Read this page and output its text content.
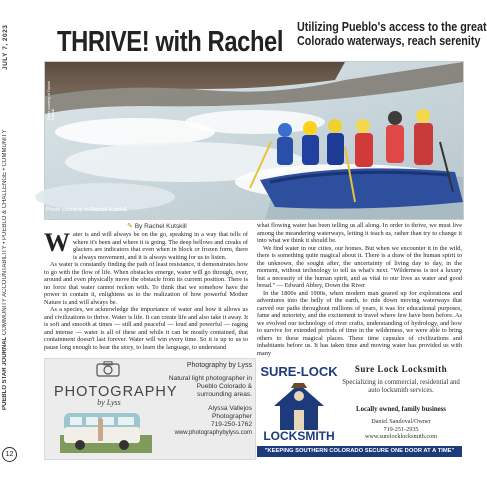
JULY 7, 2023
PUEBLO STAR JOURNAL COMMUNITY ACCOUNTABILITY • PUEBLO & CHALLENGE • COMMUNITY
12
THRIVE! with Rachel Utilizing Pueblo's access to the great
Colorado waterways, reach serenity
Photo courtesy of Rachel Kutskill.
Photo courtesy of Rachel Kutskill.
✎ By Rachel Kutskill

Water is and will always be on the go, speaking in a way that tells of where it's been and where it is going. The deep bellows and creaks of glaciers are indicators that even when in block or frozen form, there is always movement, and it is always waiting for us to listen.

As water is constantly finding the path of least resistance, it demonstrates how to go with the flow of life. When obstacles emerge, water will go through, over, around and even physically move the obstacle from its current position. There is no force that water cannot reckon with. To think that we somehow have the power to contain it, enlightens us to the realization of how powerful Mother Nature is and will always be.

As a species, we acknowledge the importance of water and how it allows us and civilizations to thrive. Water is life. It can create life and also take it away. It is soft and smooth at times — still and peaceful — loud and powerful — raging and intense — water is all of these and while it can be mostly contained, that containment doesn't last forever. Water will win every time. So it is up to us to pause long enough to hear the story, to learn the language, to understand

what flowing water has been telling us all along. In order to thrive, we must live among the meandering waterways, letting it teach us, rather than try to change it into what we think it should be.

We find water in our cities, our homes. But when we encounter it in the wild, there is something quite magical about it. There is a draw of the human spirit to the unknown, the sought after, the uncertainty of living day to day, in the moment, without technology to tell us what's next. "Wilderness is not a luxury but a necessity of the human spirit, and as vital to our lives as water and good bread." — Edward Abbey, Down the River

In the 1800s and 1900s, when modern man geared up for explorations and adventures into the belly of the earth, to ride down moving waterways that carved our paths throughout millions of years, it was for educational purposes, fame and notoriety, and the excitement to travel where few have been before. As we evolved our technology of river crafts, understanding of hydrology, and how to survive for extended periods of time in the wilderness, we were able to bring others to these magical places. These time capsules of civilizations and inhabitants before us. It has taken time and moving water has provided us with many

PHOTOGRAPHY
by Lyss
Photography by Lyss
Natural light photographer in Pueblo Colorado & surrounding areas.
Alyssa Vallejos
Photographer
719-250-1762
www.photographybylyss.com
SURE-LOCK
LOCKSMITH
Sure Lock Locksmith
Specializing in commercial, residential and auto locksmith services.
Locally owned, family business
Daniel Sandoval/Owner
719-251-2935
www.surelocklocksmith.com
"KEEPING SOUTHERN COLORADO SECURE ONE DOOR AT A TIME"
